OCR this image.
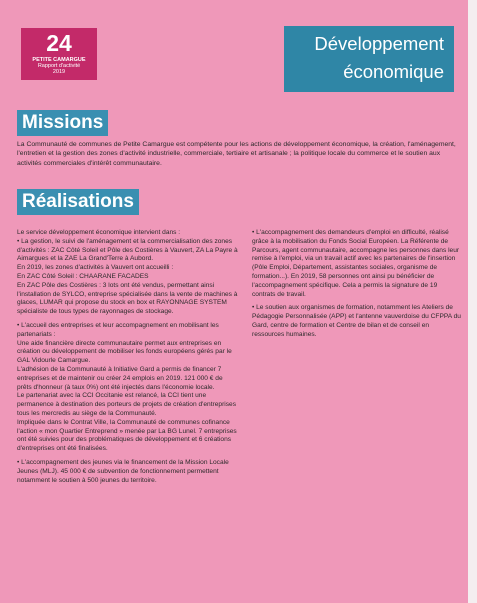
24
PETITE CAMARGUE
Rapport d'activité
2019
Développement
économique
Missions

La Communauté de communes de Petite Camargue est compétente pour les actions de développement économique, la création, l'aménagement, l'entretien et la gestion des zones d'activité industrielle, commerciale, tertiaire et artisanale ; la politique locale du commerce et le soutien aux activités commerciales d'intérêt communautaire.

Réalisations

Le service développement économique intervient dans :

• La gestion, le suivi de l'aménagement et la commercialisation des zones d'activités : ZAC Côté Soleil et Pôle des Costières à Vauvert, ZA La Payre à Aimargues et la ZAE La Grand'Terre à Aubord.

En 2019, les zones d'activités à Vauvert ont accueilli :

En ZAC Côté Soleil : CHAARANE FACADES

En ZAC Pôle des Costières : 3 lots ont été vendus, permettant ainsi l'installation de SYLCO, entreprise spécialisée dans la vente de machines à glaces, LUMAR qui propose du stock en box et RAYONNAGE SYSTEM spécialiste de tous types de rayonnages de stockage.

• L'accueil des entreprises et leur accompagnement en mobilisant les partenariats :

Une aide financière directe communautaire permet aux entreprises en création ou développement de mobiliser les fonds européens gérés par le GAL Vidourle Camargue.

L'adhésion de la Communauté à Initiative Gard a permis de financer 7 entreprises et de maintenir ou créer 24 emplois en 2019. 121 000 € de prêts d'honneur (à taux 0%) ont été injectés dans l'économie locale.

Le partenariat avec la CCI Occitanie est relancé, la CCI tient une permanence à destination des porteurs de projets de création d'entreprises tous les mercredis au siège de la Communauté.

Impliquée dans le Contrat Ville, la Communauté de communes cofinance l'action « mon Quartier Entreprend » menée par La BG Lunel. 7 entreprises ont été suivies pour des problématiques de développement et 6 créations d'entreprises ont été finalisées.

• L'accompagnement des jeunes via le financement de la Mission Locale Jeunes (MLJ). 45 000 € de subvention de fonctionnement permettent notamment le soutien à 500 jeunes du territoire.

• L'accompagnement des demandeurs d'emploi en difficulté, réalisé grâce à la mobilisation du Fonds Social Européen. La Référente de Parcours, agent communautaire, accompagne les personnes dans leur remise à l'emploi, via un travail actif avec les partenaires de l'insertion (Pôle Emploi, Département, assistantes sociales, organisme de formation...). En 2019, 58 personnes ont ainsi pu bénéficier de l'accompagnement spécifique. Cela a permis la signature de 19 contrats de travail.

• Le soutien aux organismes de formation, notamment les Ateliers de Pédagogie Personnalisée (APP) et l'antenne vauverdoise du CFPPA du Gard, centre de formation et Centre de bilan et de conseil en ressources humaines.
